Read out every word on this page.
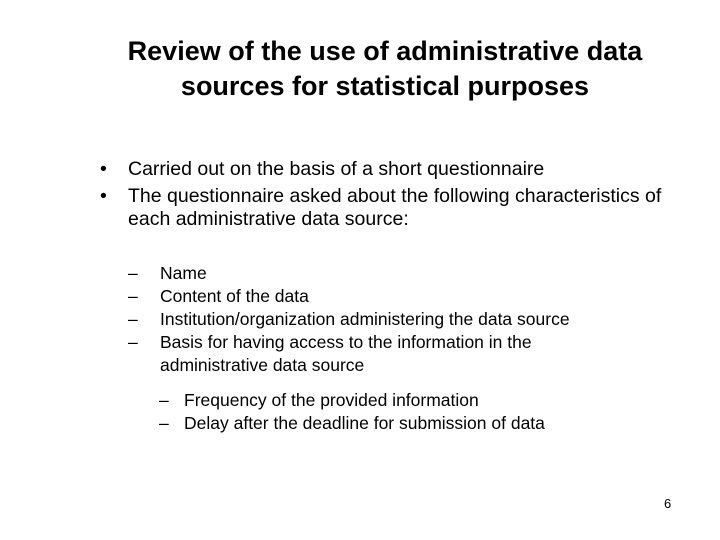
Review of the use of administrative data
sources for statistical purposes
• Carried out on the basis of a short questionnaire
• The questionnaire asked about the following characteristics of each administrative data source:
– Name
– Content of the data
– Institution/organization administering the data source
– Basis for having access to the information in the administrative data source
– Frequency of the provided information
– Delay after the deadline for submission of data
6
